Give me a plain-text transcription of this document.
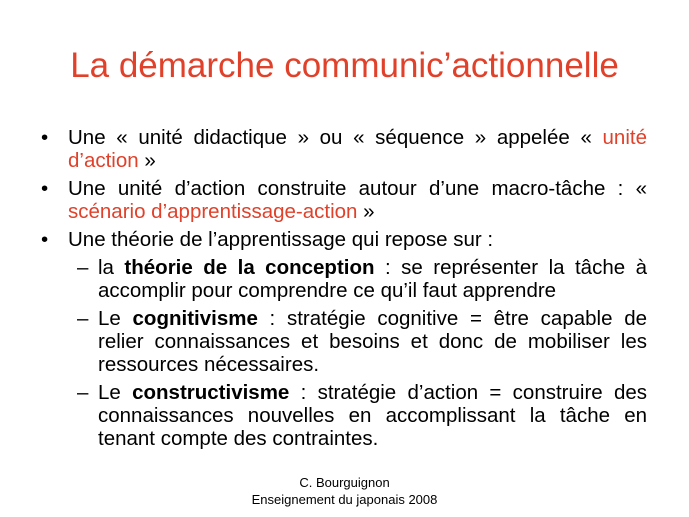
La démarche communic’actionnelle
• Une « unité didactique » ou « séquence » appelée « unité d’action »
• Une unité d’action construite autour d’une macro-tâche : « scénario d’apprentissage-action »
• Une théorie de l’apprentissage qui repose sur :
– la théorie de la conception : se représenter la tâche à accomplir pour comprendre ce qu’il faut apprendre
– Le cognitivisme : stratégie cognitive = être capable de relier connaissances et besoins et donc de mobiliser les ressources nécessaires.
– Le constructivisme : stratégie d’action = construire des connaissances nouvelles en accomplissant la tâche en tenant compte des contraintes.
C. Bourguignon
Enseignement du japonais 2008
